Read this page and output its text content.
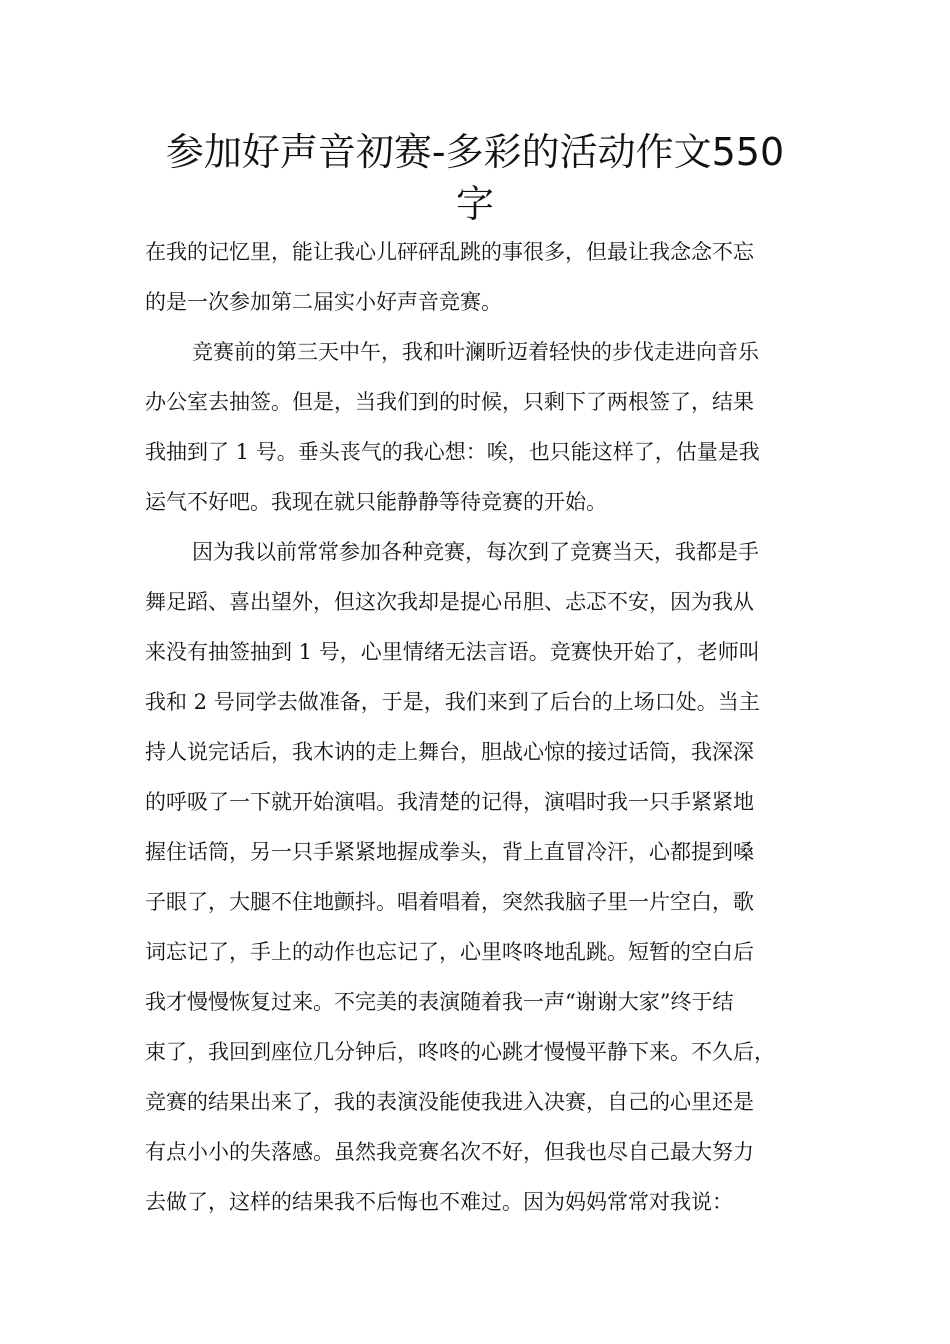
参加好声音初赛-多彩的活动作文550
字
在我的记忆里，能让我心儿砰砰乱跳的事很多，但最让我念念不忘
的是一次参加第二届实小好声音竞赛。
竞赛前的第三天中午，我和叶澜昕迈着轻快的步伐走进向音乐
办公室去抽签。但是，当我们到的时候，只剩下了两根签了，结果
我抽到了 1 号。垂头丧气的我心想：唉，也只能这样了，估量是我
运气不好吧。我现在就只能静静等待竞赛的开始。
因为我以前常常参加各种竞赛，每次到了竞赛当天，我都是手
舞足蹈、喜出望外，但这次我却是提心吊胆、忐忑不安，因为我从
来没有抽签抽到 1 号，心里情绪无法言语。竞赛快开始了，老师叫
我和 2 号同学去做准备，于是，我们来到了后台的上场口处。当主
持人说完话后，我木讷的走上舞台，胆战心惊的接过话筒，我深深
的呼吸了一下就开始演唱。我清楚的记得，演唱时我一只手紧紧地
握住话筒，另一只手紧紧地握成拳头，背上直冒冷汗，心都提到嗓
子眼了，大腿不住地颤抖。唱着唱着，突然我脑子里一片空白，歌
词忘记了，手上的动作也忘记了，心里咚咚地乱跳。短暂的空白后
我才慢慢恢复过来。不完美的表演随着我一声“谢谢大家”终于结
束了，我回到座位几分钟后，咚咚的心跳才慢慢平静下来。不久后，
竞赛的结果出来了，我的表演没能使我进入决赛，自己的心里还是
有点小小的失落感。虽然我竞赛名次不好，但我也尽自己最大努力
去做了，这样的结果我不后悔也不难过。因为妈妈常常对我说：
